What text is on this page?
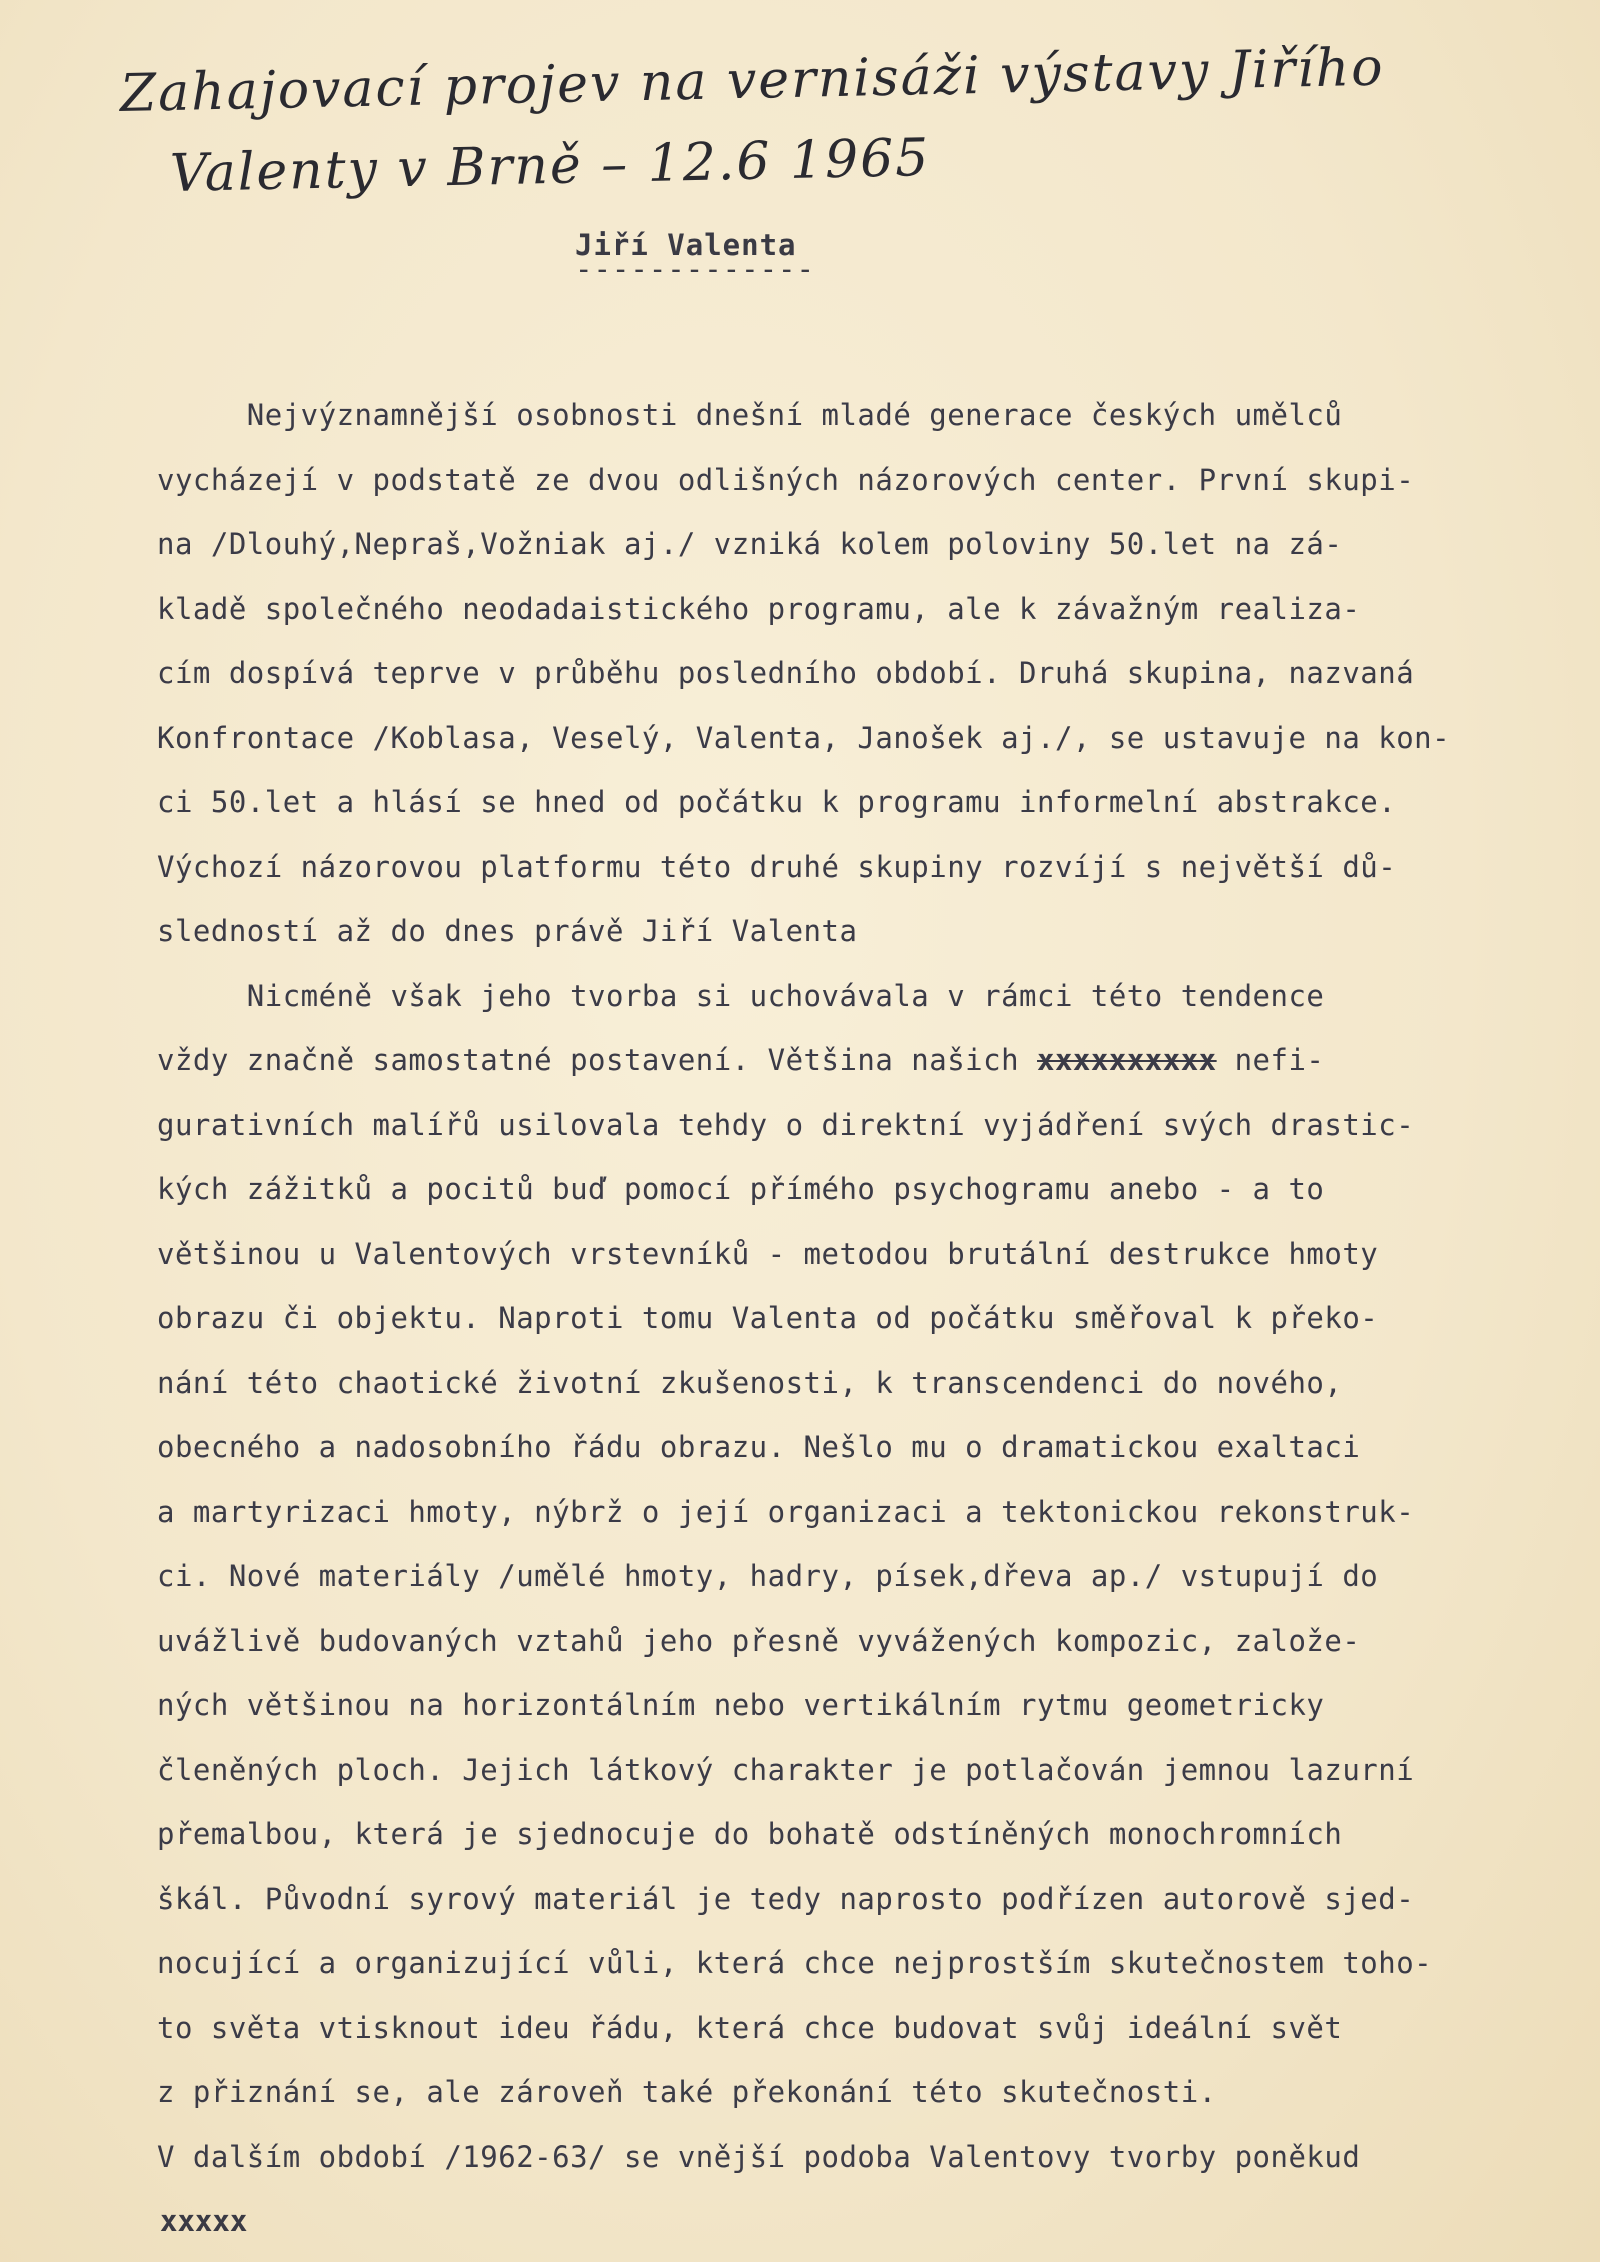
Zahajovací projev na vernisáži výstavy Jiřího
Valenty v Brně – 12.6 1965
Jiří Valenta
-------------
Nejvýznamnější osobnosti dnešní mladé generace českých umělců
vycházejí v podstatě ze dvou odlišných názorových center. První skupi-
na /Dlouhý,Nepraš,Vožniak aj./ vzniká kolem poloviny 50.let na zá-
kladě společného neodadaistického programu, ale k závažným realiza-
cím dospívá teprve v průběhu posledního období. Druhá skupina, nazvaná
Konfrontace /Koblasa, Veselý, Valenta, Janošek aj./, se ustavuje na kon-
ci 50.let a hlásí se hned od počátku k programu informelní abstrakce.
Výchozí názorovou platformu této druhé skupiny rozvíjí s největší dů-
sledností až do dnes právě Jiří Valenta
Nicméně však jeho tvorba si uchovávala v rámci této tendence
vždy značně samostatné postavení. Většina našich xxxxxxxxxx nefi-
gurativních malířů usilovala tehdy o direktní vyjádření svých drastic-
kých zážitků a pocitů buď pomocí přímého psychogramu anebo - a to
většinou u Valentových vrstevníků - metodou brutální destrukce hmoty
obrazu či objektu. Naproti tomu Valenta od počátku směřoval k překo-
nání této chaotické životní zkušenosti, k transcendenci do nového,
obecného a nadosobního řádu obrazu. Nešlo mu o dramatickou exaltaci
a martyrizaci hmoty, nýbrž o její organizaci a tektonickou rekonstruk-
ci. Nové materiály /umělé hmoty, hadry, písek,dřeva ap./ vstupují do
uvážlivě budovaných vztahů jeho přesně vyvážených kompozic, založe-
ných většinou na horizontálním nebo vertikálním rytmu geometricky
členěných ploch. Jejich látkový charakter je potlačován jemnou lazurní
přemalbou, která je sjednocuje do bohatě odstíněných monochromních
škál. Původní syrový materiál je tedy naprosto podřízen autorově sjed-
nocující a organizující vůli, která chce nejprostším skutečnostem toho-
to světa vtisknout ideu řádu, která chce budovat svůj ideální svět
z přiznání se, ale zároveň také překonání této skutečnosti.
V dalším období /1962-63/ se vnější podoba Valentovy tvorby poněkud
xxxxx
